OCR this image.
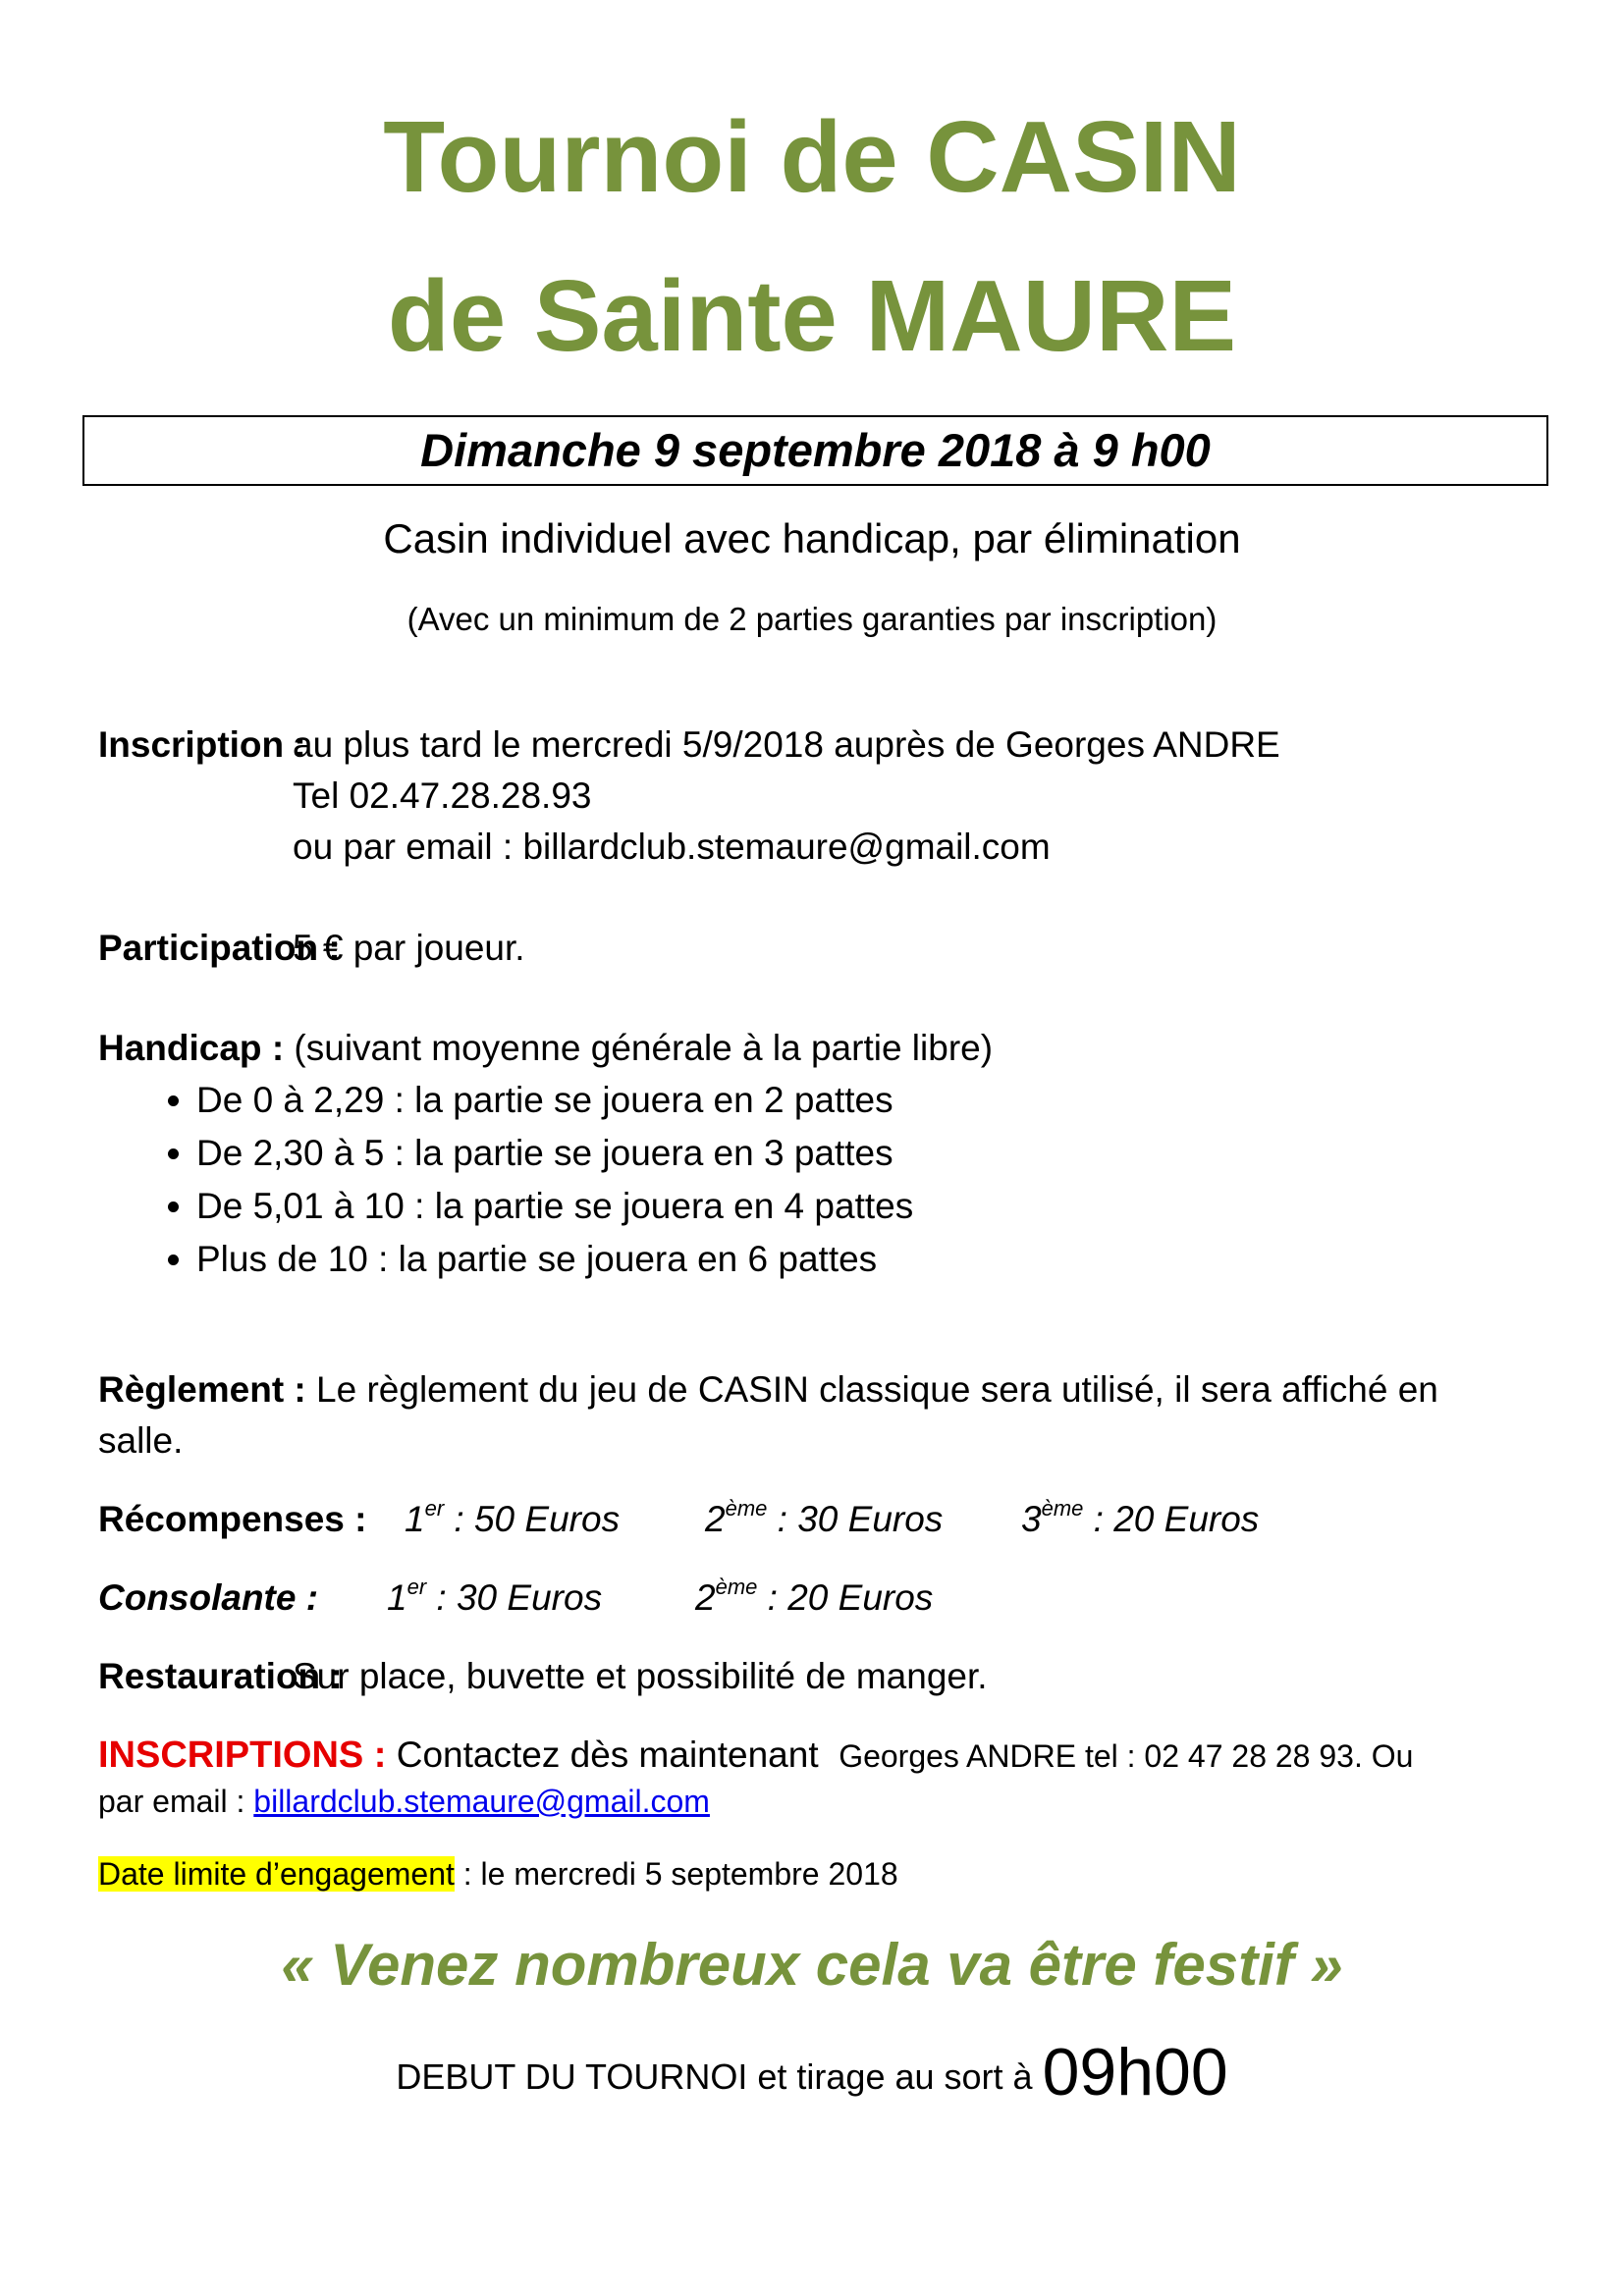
Tournoi de CASIN
de Sainte MAURE
Dimanche 9 septembre 2018 à 9 h00
Casin individuel avec handicap, par élimination
(Avec un minimum de 2 parties garanties par inscription)
Inscription :
au plus tard le mercredi 5/9/2018 auprès de Georges ANDRE
Tel 02.47.28.28.93
ou par email : billardclub.stemaure@gmail.com
Participation :
5 € par joueur.
Handicap : (suivant moyenne générale à la partie libre)
• De 0 à 2,29 : la partie se jouera en 2 pattes
• De 2,30 à 5 : la partie se jouera en 3 pattes
• De 5,01 à 10 : la partie se jouera en 4 pattes
• Plus de 10 : la partie se jouera en 6 pattes
Règlement : Le règlement du jeu de CASIN classique sera utilisé, il sera affiché en
salle.
Récompenses : 1er : 50 Euros 2ème : 30 Euros 3ème : 20 Euros
Consolante : 1er : 30 Euros	2ème : 20 Euros
Restauration :
Sur place, buvette et possibilité de manger.
INSCRIPTIONS : Contactez dès maintenant Georges ANDRE tel : 02 47 28 28 93. Ou
par email : billardclub.stemaure@gmail.com
Date limite d’engagement : le mercredi 5 septembre 2018
« Venez nombreux cela va être festif »
DEBUT DU TOURNOI et tirage au sort à 09h00
